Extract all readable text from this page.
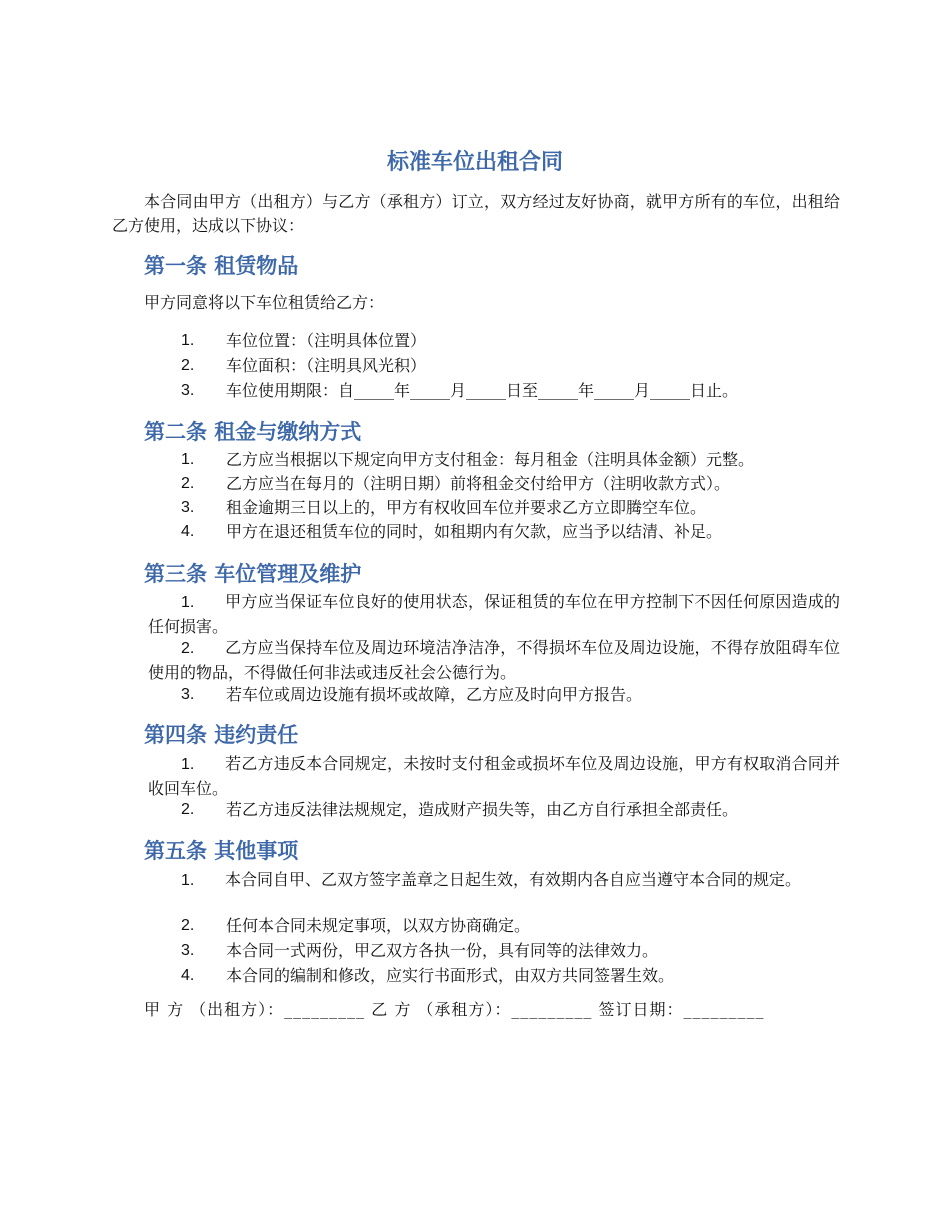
标准车位出租合同
本合同由甲方（出租方）与乙方（承租方）订立，双方经过友好协商，就甲方所有的车位，出租给乙方使用，达成以下协议：
第一条 租赁物品
甲方同意将以下车位租赁给乙方：
1. 车位位置：（注明具体位置）
2. 车位面积：（注明具风光积）
3. 车位使用期限：自_____年_____月_____日至_____年_____月_____日止。
第二条 租金与缴纳方式
1. 乙方应当根据以下规定向甲方支付租金：每月租金（注明具体金额）元整。
2. 乙方应当在每月的（注明日期）前将租金交付给甲方（注明收款方式）。
3. 租金逾期三日以上的，甲方有权收回车位并要求乙方立即腾空车位。
4. 甲方在退还租赁车位的同时，如租期内有欠款，应当予以结清、补足。
第三条 车位管理及维护
1. 甲方应当保证车位良好的使用状态，保证租赁的车位在甲方控制下不因任何原因造成的任何损害。
2. 乙方应当保持车位及周边环境洁净洁净，不得损坏车位及周边设施，不得存放阻碍车位使用的物品，不得做任何非法或违反社会公德行为。
3. 若车位或周边设施有损坏或故障，乙方应及时向甲方报告。
第四条 违约责任
1. 若乙方违反本合同规定，未按时支付租金或损坏车位及周边设施，甲方有权取消合同并收回车位。
2. 若乙方违反法律法规规定，造成财产损失等，由乙方自行承担全部责任。
第五条 其他事项
1. 本合同自甲、乙双方签字盖章之日起生效，有效期内各自应当遵守本合同的规定。
2. 任何本合同未规定事项，以双方协商确定。
3. 本合同一式两份，甲乙双方各执一份，具有同等的法律效力。
4. 本合同的编制和修改，应实行书面形式，由双方共同签署生效。
甲 方 （出租方）：_________ 乙 方 （承租方）：_________ 签订日期：_________
